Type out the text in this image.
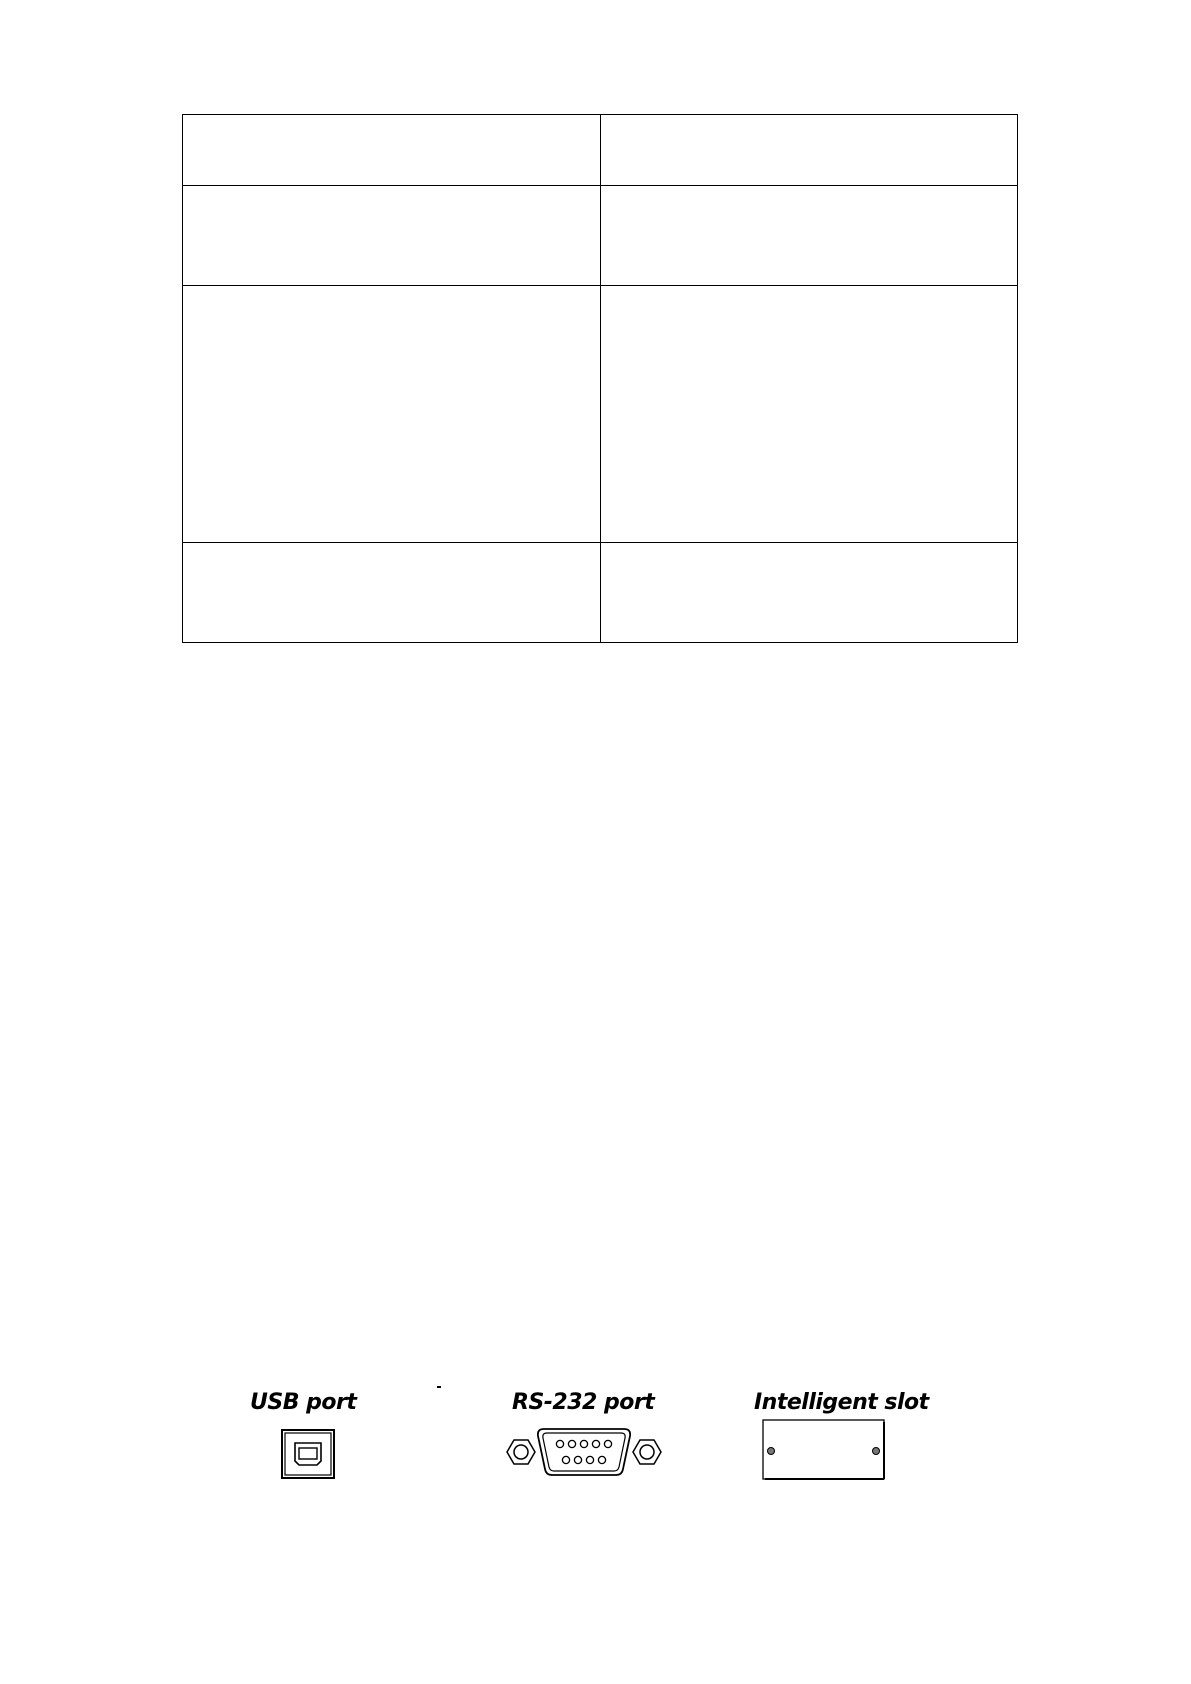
USB port	RS-232 port	Intelligent slot
